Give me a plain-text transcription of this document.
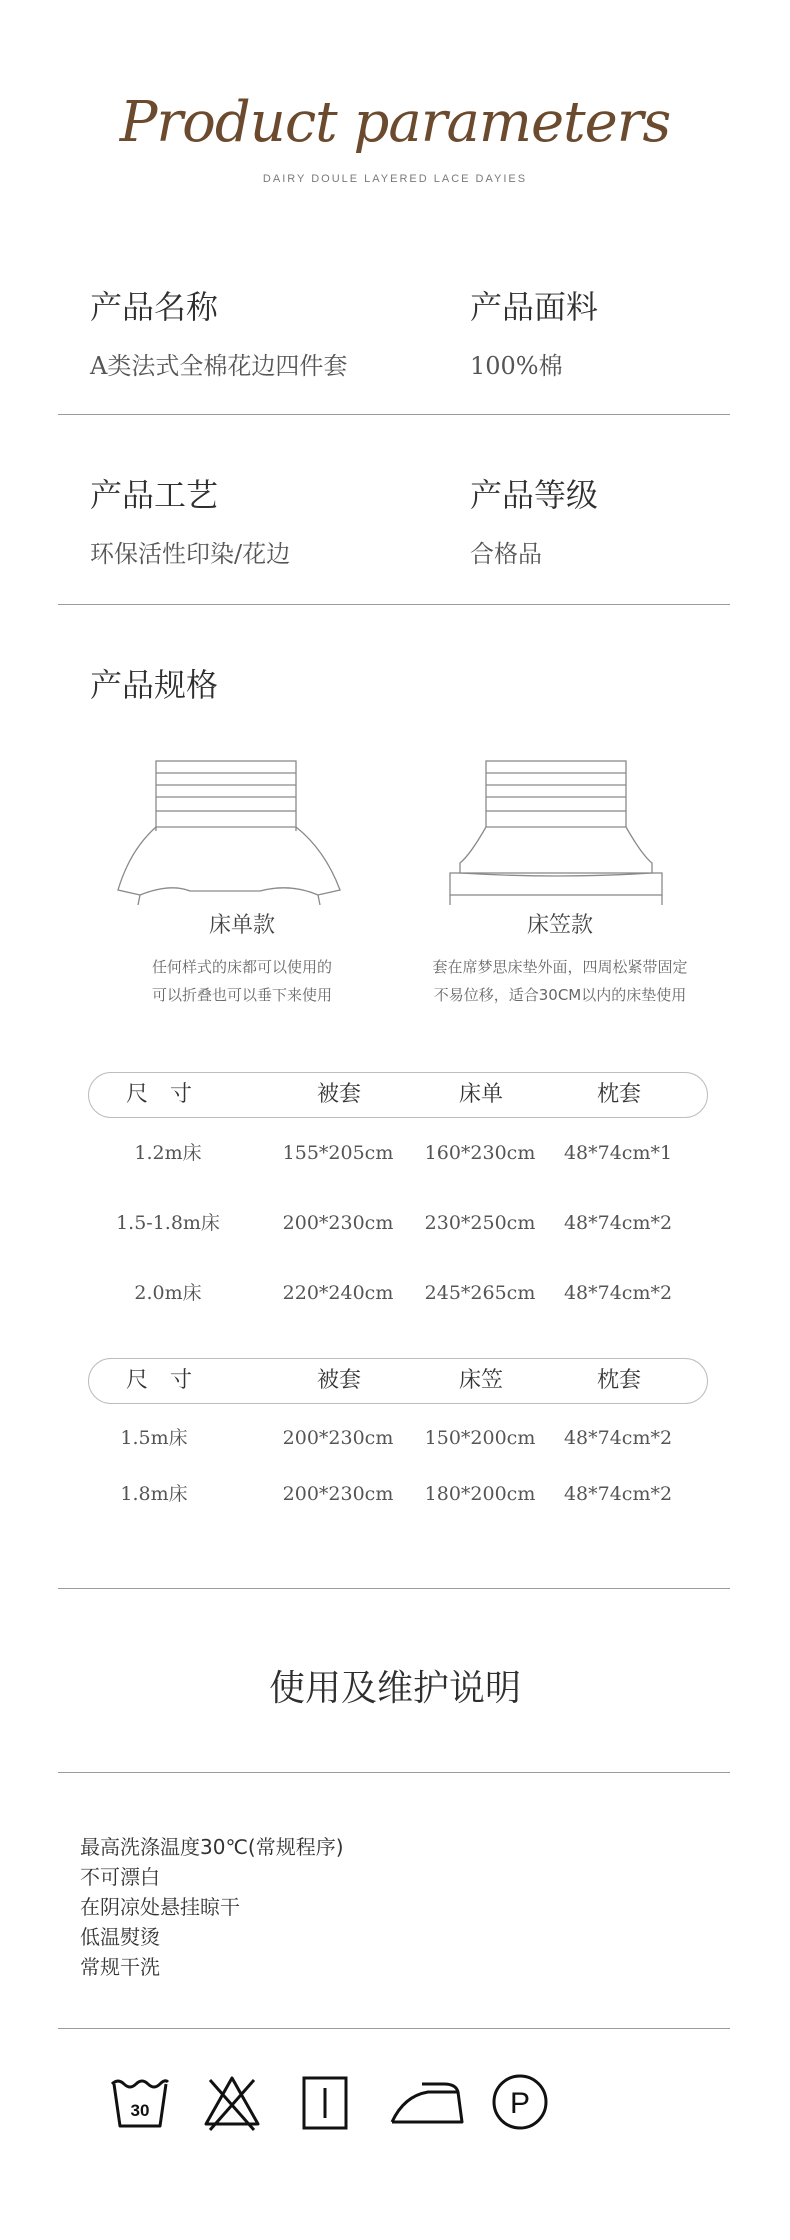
Product parameters
DAIRY DOULE LAYERED LACE DAYIES
产品名称
A类法式全棉花边四件套
产品面料
100%棉
产品工艺
环保活性印染/花边
产品等级
合格品
产品规格
床单款
任何样式的床都可以使用的
可以折叠也可以垂下来使用
床笠款
套在席梦思床垫外面，四周松紧带固定
不易位移，适合30CM以内的床垫使用
尺　寸	被套	床单	枕套
1.2m床	155*205cm 160*230cm 48*74cm*1
1.5-1.8m床	200*230cm 230*250cm 48*74cm*2
2.0m床	220*240cm 245*265cm 48*74cm*2
尺　寸	被套	床笠	枕套
1.5m床	200*230cm 150*200cm 48*74cm*2
1.8m床	200*230cm 180*200cm 48*74cm*2
使用及维护说明
最高洗涤温度30℃(常规程序)
不可漂白
在阴凉处悬挂晾干
低温熨烫
常规干洗
30	P
